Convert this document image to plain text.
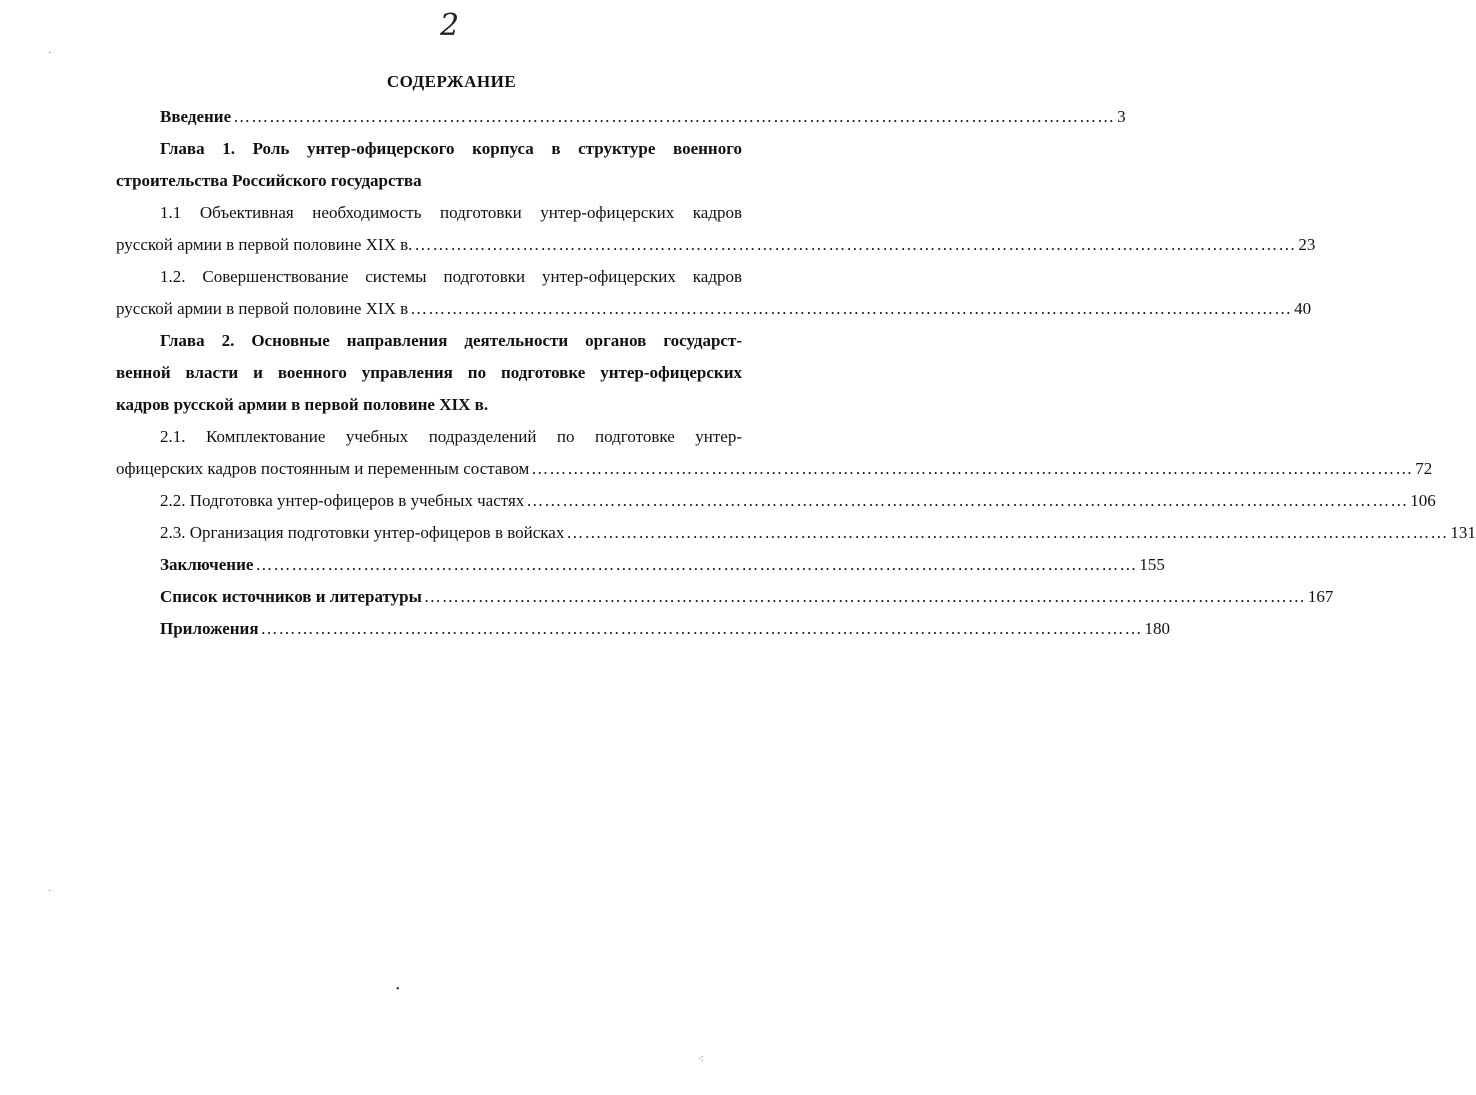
2
СОДЕРЖАНИЕ
Введение ………………………………………………………………………………………………………………………………… 3
Глава 1. Роль унтер-офицерского корпуса в структуре военного
строительства Российского государства
1.1 Объективная необходимость подготовки унтер-офицерских кадров
русской армии в первой половине XIX в. ………………………………………………………………………………………………………………………………… 23
1.2. Совершенствование системы подготовки унтер-офицерских кадров
русской армии в первой половине XIX в ………………………………………………………………………………………………………………………………… 40
Глава 2. Основные направления деятельности органов государст-
венной власти и военного управления по подготовке унтер-офицерских
кадров русской армии в первой половине XIX в.
2.1. Комплектование учебных подразделений по подготовке унтер-
офицерских кадров постоянным и переменным составом ………………………………………………………………………………………………………………………………… 72
2.2. Подготовка унтер-офицеров в учебных частях ………………………………………………………………………………………………………………………………… 106
2.3. Организация подготовки унтер-офицеров в войсках ………………………………………………………………………………………………………………………………… 131
Заключение ………………………………………………………………………………………………………………………………… 155
Список источников и литературы ………………………………………………………………………………………………………………………………… 167
Приложения ………………………………………………………………………………………………………………………………… 180
·
·
•
⁖
